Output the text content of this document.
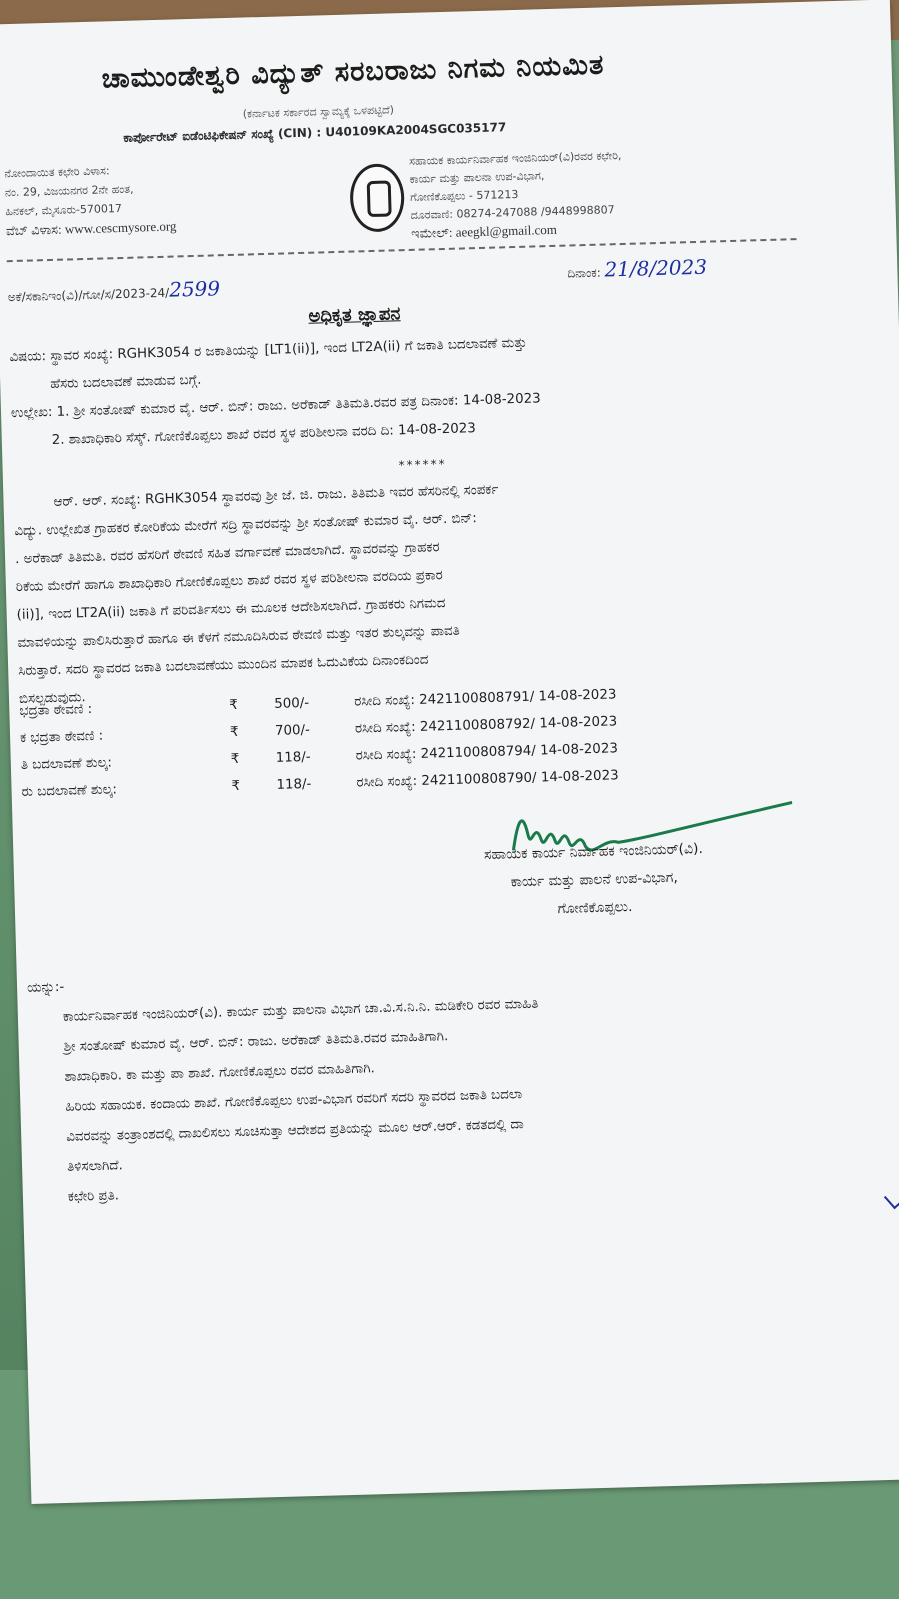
ಚಾಮುಂಡೇಶ್ವರಿ ವಿದ್ಯುತ್ ಸರಬರಾಜು ನಿಗಮ ನಿಯಮಿತ
(ಕರ್ನಾಟಕ ಸರ್ಕಾರದ ಸ್ವಾಮ್ಯಕ್ಕೆ ಒಳಪಟ್ಟಿದೆ)
ಕಾರ್ಪೋರೇಟ್ ಐಡೆಂಟಿಫಿಕೇಷನ್ ಸಂಖ್ಯೆ (CIN) : U40109KA2004SGC035177
ನೋಂದಾಯಿತ ಕಛೇರಿ ವಿಳಾಸ:
ನಂ. 29, ವಿಜಯನಗರ 2ನೇ ಹಂತ,
ಹಿನಕಲ್, ಮೈಸೂರು-570017
ವೆಬ್ ವಿಳಾಸ: www.cescmysore.org
ಸಹಾಯಕ ಕಾರ್ಯನಿರ್ವಾಹಕ ಇಂಜಿನಿಯರ್(ವಿ)ರವರ ಕಛೇರಿ,
ಕಾರ್ಯ ಮತ್ತು ಪಾಲನಾ ಉಪ-ವಿಭಾಗ,
ಗೋಣಿಕೊಪ್ಪಲು - 571213
ದೂರವಾಣಿ: 08274-247088 /9448998807
ಇಮೇಲ್: aeegkl@gmail.com
ಅಕೆ/ಸಕಾನಿಇಂ(ವಿ)/ಗೋ/ಸ/2023-24/2599
ದಿನಾಂಕ: 21/8/2023
ಅಧಿಕೃತ ಜ್ಞಾಪನ

ವಿಷಯ: ಸ್ಥಾವರ ಸಂಖ್ಯೆ: RGHK3054 ರ ಜಕಾತಿಯನ್ನು [LT1(ii)], ಇಂದ LT2A(ii) ಗೆ ಜಕಾತಿ ಬದಲಾವಣೆ ಮತ್ತು

ಹೆಸರು ಬದಲಾವಣೆ ಮಾಡುವ ಬಗ್ಗೆ.

ಉಲ್ಲೇಖ: 1. ಶ್ರೀ ಸಂತೋಷ್ ಕುಮಾರ ವೈ. ಆರ್. ಬಿನ್: ರಾಜು. ಅರೆಕಾಡ್ ತಿತಿಮತಿ.ರವರ ಪತ್ರ ದಿನಾಂಕ: 14-08-2023

2. ಶಾಖಾಧಿಕಾರಿ ಸೆಸ್ಕ್. ಗೋಣಿಕೊಪ್ಪಲು ಶಾಖೆ ರವರ ಸ್ಥಳ ಪರಿಶೀಲನಾ ವರದಿ ದಿ: 14-08-2023

******

ಆರ್. ಆರ್. ಸಂಖ್ಯೆ: RGHK3054 ಸ್ಥಾವರವು ಶ್ರೀ ಜೆ. ಜಿ. ರಾಜು. ತಿತಿಮತಿ ಇವರ ಹೆಸರಿನಲ್ಲಿ ಸಂಪರ್ಕ

ವಿದ್ಯು. ಉಲ್ಲೇಖಿತ ಗ್ರಾಹಕರ ಕೋರಿಕೆಯ ಮೇರೆಗೆ ಸದ್ರಿ ಸ್ಥಾವರವನ್ನು ಶ್ರೀ ಸಂತೋಷ್ ಕುಮಾರ ವೈ. ಆರ್. ಬಿನ್:

. ಅರೆಕಾಡ್ ತಿತಿಮತಿ. ರವರ ಹೆಸರಿಗೆ ಠೇವಣಿ ಸಹಿತ ವರ್ಗಾವಣೆ ಮಾಡಲಾಗಿದೆ. ಸ್ಥಾವರವನ್ನು ಗ್ರಾಹಕರ

ರಿಕೆಯ ಮೇರೆಗೆ ಹಾಗೂ ಶಾಖಾಧಿಕಾರಿ ಗೋಣಿಕೊಪ್ಪಲು ಶಾಖೆ ರವರ ಸ್ಥಳ ಪರಿಶೀಲನಾ ವರದಿಯ ಪ್ರಕಾರ

(ii)], ಇಂದ LT2A(ii) ಜಕಾತಿ ಗೆ ಪರಿವರ್ತಿಸಲು ಈ ಮೂಲಕ ಆದೇಶಿಸಲಾಗಿದೆ. ಗ್ರಾಹಕರು ನಿಗಮದ

ಮಾವಳಿಯನ್ನು ಪಾಲಿಸಿರುತ್ತಾರೆ ಹಾಗೂ ಈ ಕೆಳಗೆ ನಮೂದಿಸಿರುವ ಠೇವಣಿ ಮತ್ತು ಇತರ ಶುಲ್ಕವನ್ನು ಪಾವತಿ

ಸಿರುತ್ತಾರೆ. ಸದರಿ ಸ್ಥಾವರದ ಜಕಾತಿ ಬದಲಾವಣೆಯು ಮುಂದಿನ ಮಾಪಕ ಓದುವಿಕೆಯ ದಿನಾಂಕದಿಂದ

ಬಿಸಲ್ಪಡುವುದು.

ಭದ್ರತಾ ಠೇವಣಿ :	₹	500/-	ರಸೀದಿ ಸಂಖ್ಯೆ: 2421100808791/ 14-08-2023
ಕ ಭದ್ರತಾ ಠೇವಣಿ :	₹	700/-	ರಸೀದಿ ಸಂಖ್ಯೆ: 2421100808792/ 14-08-2023
ತಿ ಬದಲಾವಣೆ ಶುಲ್ಕ:	₹	118/-	ರಸೀದಿ ಸಂಖ್ಯೆ: 2421100808794/ 14-08-2023
ರು ಬದಲಾವಣೆ ಶುಲ್ಕ:	₹	118/-	ರಸೀದಿ ಸಂಖ್ಯೆ: 2421100808790/ 14-08-2023
ಸಹಾಯಕ ಕಾರ್ಯ ನಿರ್ವಾಹಕ ಇಂಜಿನಿಯರ್(ವಿ).
ಕಾರ್ಯ ಮತ್ತು ಪಾಲನೆ ಉಪ-ವಿಭಾಗ,
ಗೋಣಿಕೊಪ್ಪಲು.
ಯನ್ನು:-
ಕಾರ್ಯನಿರ್ವಾಹಕ ಇಂಜಿನಿಯರ್(ವಿ). ಕಾರ್ಯ ಮತ್ತು ಪಾಲನಾ ವಿಭಾಗ ಚಾ.ವಿ.ಸ.ನಿ.ನಿ. ಮಡಿಕೇರಿ ರವರ ಮಾಹಿತಿ
ಶ್ರೀ ಸಂತೋಷ್ ಕುಮಾರ ವೈ. ಆರ್. ಬಿನ್: ರಾಜು. ಅರೆಕಾಡ್ ತಿತಿಮತಿ.ರವರ ಮಾಹಿತಿಗಾಗಿ.
ಶಾಖಾಧಿಕಾರಿ. ಕಾ ಮತ್ತು ಪಾ ಶಾಖೆ. ಗೋಣಿಕೊಪ್ಪಲು ರವರ ಮಾಹಿತಿಗಾಗಿ.
ಹಿರಿಯ ಸಹಾಯಕ. ಕಂದಾಯ ಶಾಖೆ. ಗೋಣಿಕೊಪ್ಪಲು ಉಪ-ವಿಭಾಗ ರವರಿಗೆ ಸದರಿ ಸ್ಥಾವರದ ಜಕಾತಿ ಬದಲಾ
ವಿವರವನ್ನು ತಂತ್ರಾಂಶದಲ್ಲಿ ದಾಖಲಿಸಲು ಸೂಚಿಸುತ್ತಾ ಆದೇಶದ ಪ್ರತಿಯನ್ನು ಮೂಲ ಆರ್.ಆರ್. ಕಡತದಲ್ಲಿ ದಾ
ತಿಳಿಸಲಾಗಿದೆ.
ಕಛೇರಿ ಪ್ರತಿ.
